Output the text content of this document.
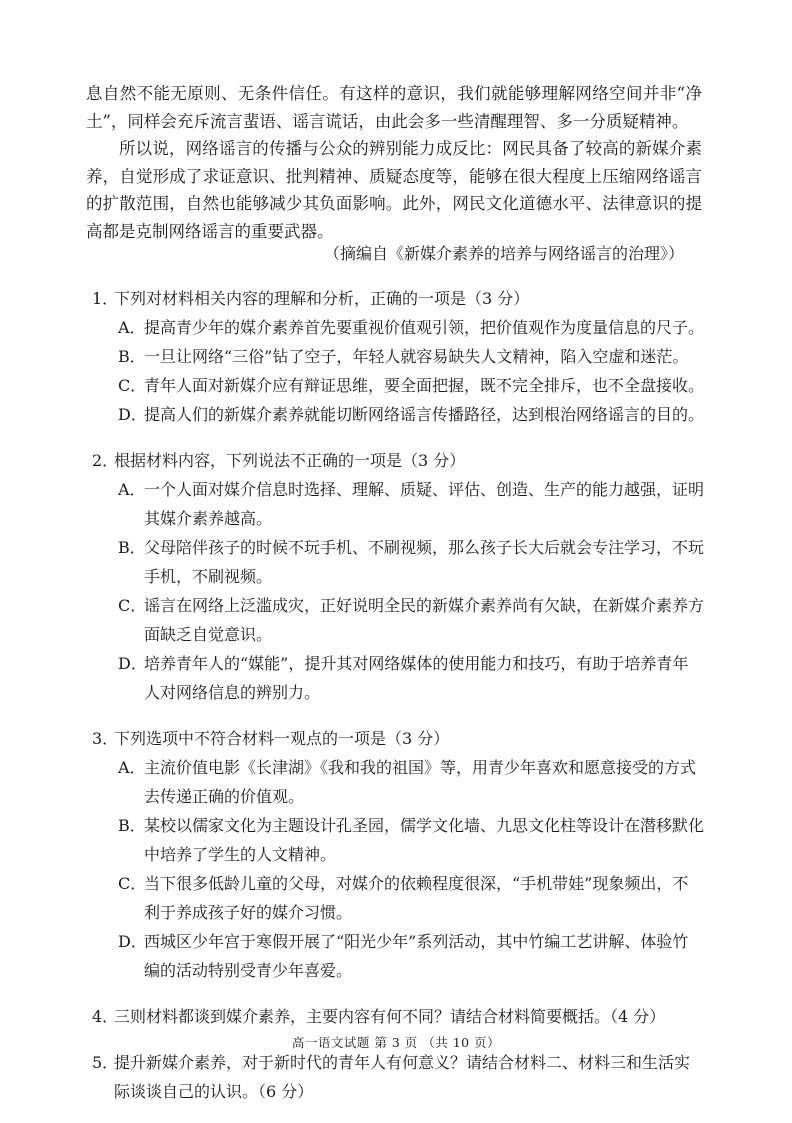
息自然不能无原则、无条件信任。有这样的意识，我们就能够理解网络空间并非“净土”，同样会充斥流言蜚语、谣言谎话，由此会多一些清醒理智、多一分质疑精神。

所以说，网络谣言的传播与公众的辨别能力成反比：网民具备了较高的新媒介素养，自觉形成了求证意识、批判精神、质疑态度等，能够在很大程度上压缩网络谣言的扩散范围，自然也能够减少其负面影响。此外，网民文化道德水平、法律意识的提高都是克制网络谣言的重要武器。

（摘编自《新媒介素养的培养与网络谣言的治理》）
1．
下列对材料相关内容的理解和分析，正确的一项是（3 分）
A．
提高青少年的媒介素养首先要重视价值观引领，把价值观作为度量信息的尺子。
B．
一旦让网络“三俗”钻了空子，年轻人就容易缺失人文精神，陷入空虚和迷茫。
C．
青年人面对新媒介应有辩证思维，要全面把握，既不完全排斥，也不全盘接收。
D．
提高人们的新媒介素养就能切断网络谣言传播路径，达到根治网络谣言的目的。
2．
根据材料内容，下列说法不正确的一项是（3 分）
A．
一个人面对媒介信息时选择、理解、质疑、评估、创造、生产的能力越强，证明其媒介素养越高。
B．
父母陪伴孩子的时候不玩手机、不刷视频，那么孩子长大后就会专注学习，不玩手机，不刷视频。
C．
谣言在网络上泛滥成灾，正好说明全民的新媒介素养尚有欠缺，在新媒介素养方面缺乏自觉意识。
D．
培养青年人的“媒能”，提升其对网络媒体的使用能力和技巧，有助于培养青年人对网络信息的辨别力。
3．
下列选项中不符合材料一观点的一项是（3 分）
A．
主流价值电影《长津湖》《我和我的祖国》等，用青少年喜欢和愿意接受的方式去传递正确的价值观。
B．
某校以儒家文化为主题设计孔圣园，儒学文化墙、九思文化柱等设计在潜移默化中培养了学生的人文精神。
C．
当下很多低龄儿童的父母，对媒介的依赖程度很深，“手机带娃”现象频出，不利于养成孩子好的媒介习惯。
D．
西城区少年宫于寒假开展了“阳光少年”系列活动，其中竹编工艺讲解、体验竹编的活动特别受青少年喜爱。
4．
三则材料都谈到媒介素养，主要内容有何不同？请结合材料简要概括。（4 分）
5．
提升新媒介素养，对于新时代的青年人有何意义？请结合材料二、材料三和生活实际谈谈自己的认识。（6 分）
高一语文试题 第 3 页 （共 10 页）
